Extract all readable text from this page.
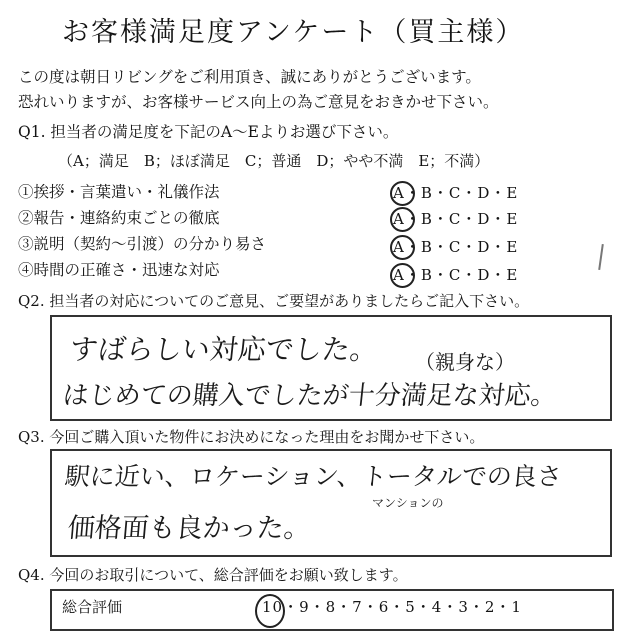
お客様満足度アンケート（買主様）
この度は朝日リビングをご利用頂き、誠にありがとうございます。
恐れいりますが、お客様サービス向上の為ご意見をおきかせ下さい。
Q1. 担当者の満足度を下記のA～Eよりお選び下さい。
（A；満足　B；ほぼ満足　C；普通　D；やや不満　E；不満）
①挨拶・言葉遣い・礼儀作法	A・B・C・D・E
②報告・連絡約束ごとの徹底	A・B・C・D・E
③説明（契約～引渡）の分かり易さ	A・B・C・D・E
④時間の正確さ・迅速な対応	A・B・C・D・E
Q2. 担当者の対応についてのご意見、ご要望がありましたらご記入下さい。
すばらしい対応でした。 （親身な）
はじめての購入でしたが十分満足な対応。
Q3. 今回ご購入頂いた物件にお決めになった理由をお聞かせ下さい。
駅に近い、ロケーション、トータルでの良さ
マンションの
価格面も良かった。
Q4. 今回のお取引について、総合評価をお願い致します。
総合評価	10・9・8・7・6・5・4・3・2・1
